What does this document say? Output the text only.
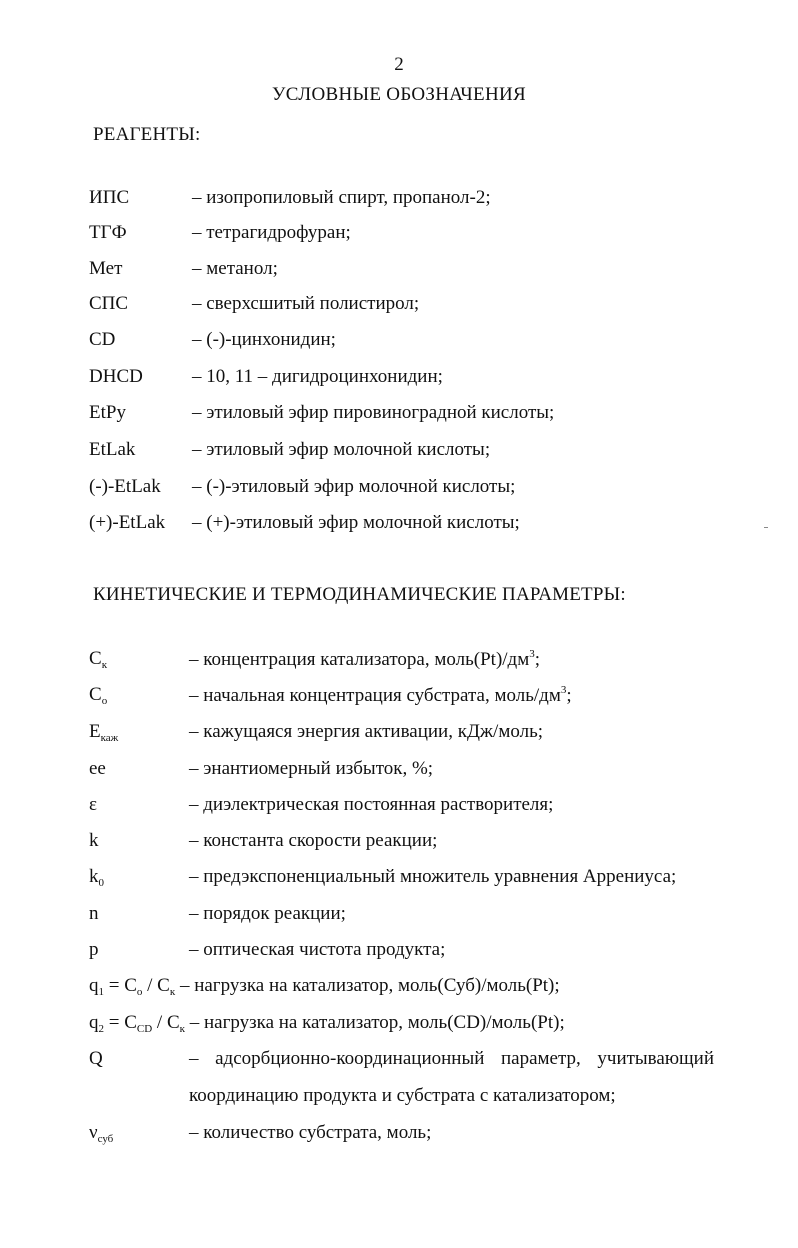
2
УСЛОВНЫЕ ОБОЗНАЧЕНИЯ
РЕАГЕНТЫ:
ИПС	– изопропиловый спирт, пропанол-2;
ТГФ	– тетрагидрофуран;
Мет	– метанол;
СПС	– сверхсшитый полистирол;
CD	– (-)-цинхонидин;
DHCD	– 10, 11 – дигидроцинхонидин;
EtPy	– этиловый эфир пировиноградной кислоты;
EtLak	– этиловый эфир молочной кислоты;
(-)-EtLak – (-)-этиловый эфир молочной кислоты;
(+)-EtLak – (+)-этиловый эфир молочной кислоты;
КИНЕТИЧЕСКИЕ И ТЕРМОДИНАМИЧЕСКИЕ ПАРАМЕТРЫ:
$C_к$	– концентрация катализатора, $моль(Pt)/дм^3$;
$C_о$	– начальная концентрация субстрата, моль/$дм^3$;
$E_{каж}$	– кажущаяся энергия активации, кДж/моль;
ee	– энантиомерный избыток, %;
ε	– диэлектрическая постоянная растворителя;
k	– константа скорости реакции;
$k_0$	– предэкспоненциальный множитель уравнения Аррениуса;
n	– порядок реакции;
p	– оптическая чистота продукта;
$q_1 = C_о / C_к$ – нагрузка на катализатор, моль(Суб)/моль(Pt);
$q_2 = C_{CD} / C_к$ – нагрузка на катализатор, моль(CD)/моль(Pt);
Q	– адсорбционно-координационный параметр, учитывающий
координацию продукта и субстрата с катализатором;
$\nu_{суб}$	– количество субстрата, моль;
